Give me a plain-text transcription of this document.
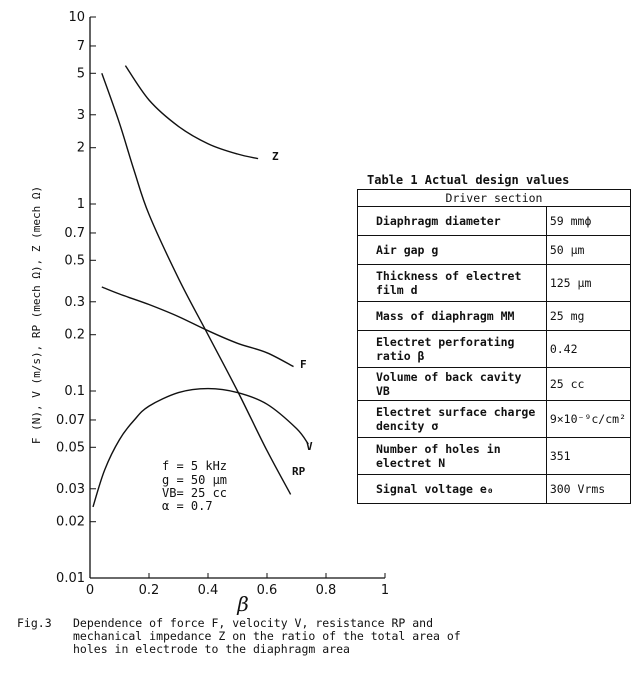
10
7
5
3
2
1
0.7
0.5
0.3
0.2
0.1
0.07
0.05
0.03
0.02
0.01
0	0.2	0.4	0.6	0.8	1
Z
F
V
RP
β
F (N), V (m/s), RP (mech Ω), Z (mech Ω)
f = 5 kHz
g = 50 μm
VB= 25 cc
α = 0.7
Table 1 Actual design values
Driver section	
Diaphragm diameter	59 mmϕ
Air gap g	50 μm
Thickness of electret film d	125 μm
Mass of diaphragm MM	25 mg
Electret perforating ratio β	0.42
Volume of back cavity VB	25 cc
Electret surface charge dencity σ	9×10⁻⁹c/cm²
Number of holes in electret N	351
Signal voltage e₀	300 Vrms
Fig.3 Dependence of force F, velocity V, resistance RP and mechanical impedance Z on the ratio of the total area of holes in electrode to the diaphragm area
